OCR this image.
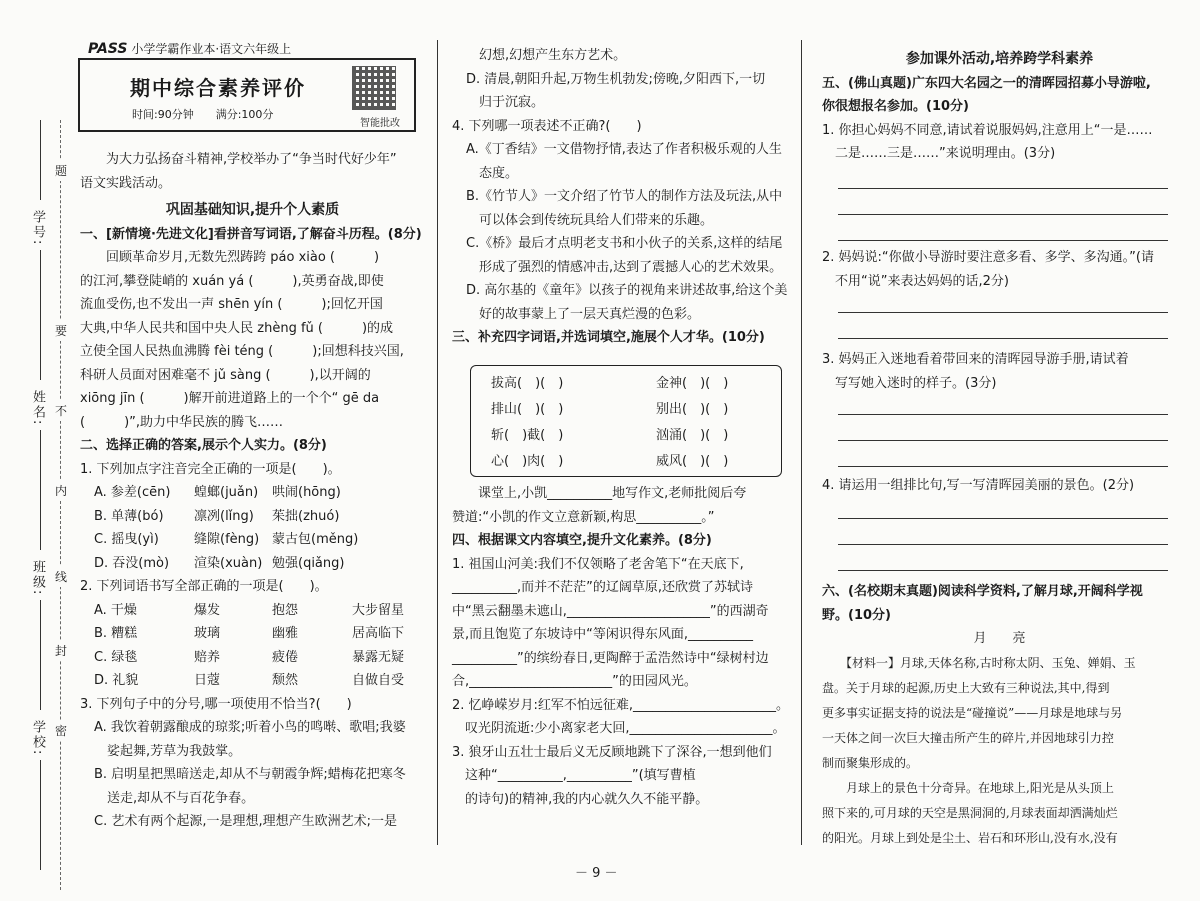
PASS 小学学霸作业本·语文六年级上
期中综合素养评价
时间:90分钟　　满分:100分
智能批改
学号:
姓名:
班级:
学校:
题
要
不
内
线
封
密

　　为大力弘扬奋斗精神,学校举办了“争当时代好少年”

语文实践活动。

巩固基础知识,提升个人素质

一、[新情境·先进文化]看拼音写词语,了解奋斗历程。(8分)

　　回顾革命岁月,无数先烈踌跨 páo xiào (　　　)

的江河,攀登陡峭的 xuán yá (　　　),英勇奋战,即使

流血受伤,也不发出一声 shēn yín (　　　);回忆开国

大典,中华人民共和国中央人民 zhèng fǔ (　　　)的成

立使全国人民热血沸腾 fèi téng (　　　);回想科技兴国,

科研人员面对困难毫不 jǔ sàng (　　　),以开阔的

xiōng jīn (　　　)解开前进道路上的一个个“ gē da

(　　　)”,助力中华民族的腾飞……

二、选择正确的答案,展示个人实力。(8分)

1. 下列加点字注音完全正确的一项是(　　)。

A. 参差(cēn) 蝗螂(juǎn) 哄闹(hōng)

B. 单薄(bó) 凛冽(lǐng) 茱拙(zhuó)

C. 摇曳(yì)	缝隙(fèng) 蒙古包(měng)

D. 吞没(mò) 渲染(xuàn) 勉强(qiǎng)

2. 下列词语书写全部正确的一项是(　　)。

A. 干燥	爆发	抱怨	大步留星

B. 糟糕	玻璃	幽雅	居高临下

C. 绿毯	赔养	疲倦	暴露无疑

D. 礼貌	日蔻	颓然	自做自受

3. 下列句子中的分号,哪一项使用不恰当?(　　)

A. 我饮着朝露酿成的琼浆;听着小鸟的鸣啭、歌唱;我婆

　娑起舞,芳草为我鼓掌。

B. 启明星把黑暗送走,却从不与朝霞争辉;蜡梅花把寒冬

　送走,却从不与百花争春。

C. 艺术有两个起源,一是理想,理想产生欧洲艺术;一是

　幻想,幻想产生东方艺术。

D. 清晨,朝阳升起,万物生机勃发;傍晚,夕阳西下,一切

　归于沉寂。

4. 下列哪一项表述不正确?(　　)

A.《丁香结》一文借物抒情,表达了作者积极乐观的人生

　态度。

B.《竹节人》一文介绍了竹节人的制作方法及玩法,从中

　可以体会到传统玩具给人们带来的乐趣。

C.《桥》最后才点明老支书和小伙子的关系,这样的结尾

　形成了强烈的情感冲击,达到了震撼人心的艺术效果。

D. 高尔基的《童年》以孩子的视角来讲述故事,给这个美

　好的故事蒙上了一层天真烂漫的色彩。

三、补充四字词语,并选词填空,施展个人才华。(10分)

拔高(　)(　)	金神(　)(　)
排山(　)(　)	别出(　)(　)
斩(　)截(　)	汹涌(　)(　)
心(　)肉(　)	威风(　)(　)

　　课堂上,小凯__________地写作文,老师批阅后夸

赞道:“小凯的作文立意新颖,构思__________。”

四、根据课文内容填空,提升文化素养。(8分)

1. 祖国山河美:我们不仅领略了老舍笔下“在天底下,

__________,而并不茫茫”的辽阔草原,还欣赏了苏轼诗

中“黑云翻墨未遮山,______________________”的西湖奇

景,而且饱览了东坡诗中“等闲识得东风面,__________

__________”的缤纷春日,更陶醉于孟浩然诗中“绿树村边

合,______________________”的田园风光。

2. 忆峥嵘岁月:红军不怕远征难,______________________。

　叹光阴流逝:少小离家老大回,______________________。

3. 狼牙山五壮士最后义无反顾地跳下了深谷,一想到他们

　这种“__________,__________”(填写曹植

　的诗句)的精神,我的内心就久久不能平静。

－ 9 －

参加课外活动,培养跨学科素养

五、(佛山真题)广东四大名园之一的清晖园招募小导游啦,

你很想报名参加。(10分)

1. 你担心妈妈不同意,请试着说服妈妈,注意用上“一是……

　二是……三是……”来说明理由。(3分)

2. 妈妈说:“你做小导游时要注意多看、多学、多沟通。”(请

　不用“说”来表达妈妈的话,2分)

3. 妈妈正入迷地看着带回来的清晖园导游手册,请试着

　写写她入迷时的样子。(3分)

4. 请运用一组排比句,写一写清晖园美丽的景色。(2分)

六、(名校期末真题)阅读科学资料,了解月球,开阔科学视

野。(10分)

月　　亮

　　【材料一】月球,天体名称,古时称太阴、玉兔、婵娟、玉

盘。关于月球的起源,历史上大致有三种说法,其中,得到

更多事实证据支持的说法是“碰撞说”——月球是地球与另

一天体之间一次巨大撞击所产生的碎片,并因地球引力控

制而聚集形成的。

　　月球上的景色十分奇异。在地球上,阳光是从头顶上

照下来的,可月球的天空是黑洞洞的,月球表面却洒满灿烂

的阳光。月球上到处是尘土、岩石和环形山,没有水,没有
